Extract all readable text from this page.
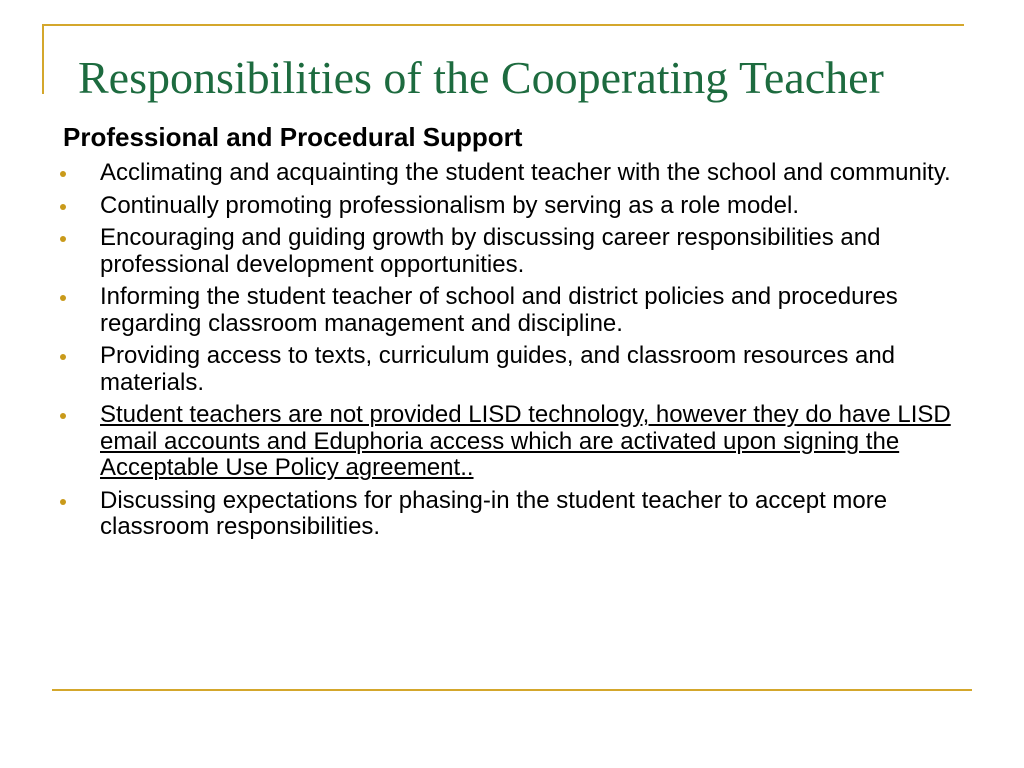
Responsibilities of the Cooperating Teacher
Professional and Procedural Support
Acclimating and acquainting the student teacher with the school and community.
Continually promoting professionalism by serving as a role model.
Encouraging and guiding growth by discussing career responsibilities and professional development opportunities.
Informing the student teacher of school and district policies and procedures regarding classroom management and discipline.
Providing access to texts, curriculum guides, and classroom resources and materials.
Student teachers are not provided LISD technology, however they do have LISD email accounts and Eduphoria access which are activated upon signing the Acceptable Use Policy agreement..
Discussing expectations for phasing-in the student teacher to accept more classroom responsibilities.
